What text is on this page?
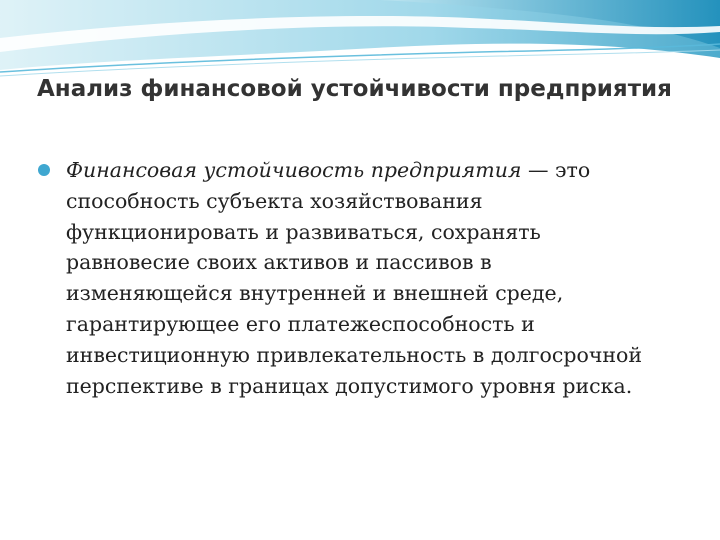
Анализ финансовой устойчивости предприятия
Финансовая устойчивость предприятия — это способность субъекта хозяйствования функционировать и развиваться, сохранять равновесие своих активов и пассивов в изменяющейся внутренней и внешней среде, гарантирующее его платежеспособность и инвестиционную привлекательность в долгосрочной перспективе в границах допустимого уровня риска.
